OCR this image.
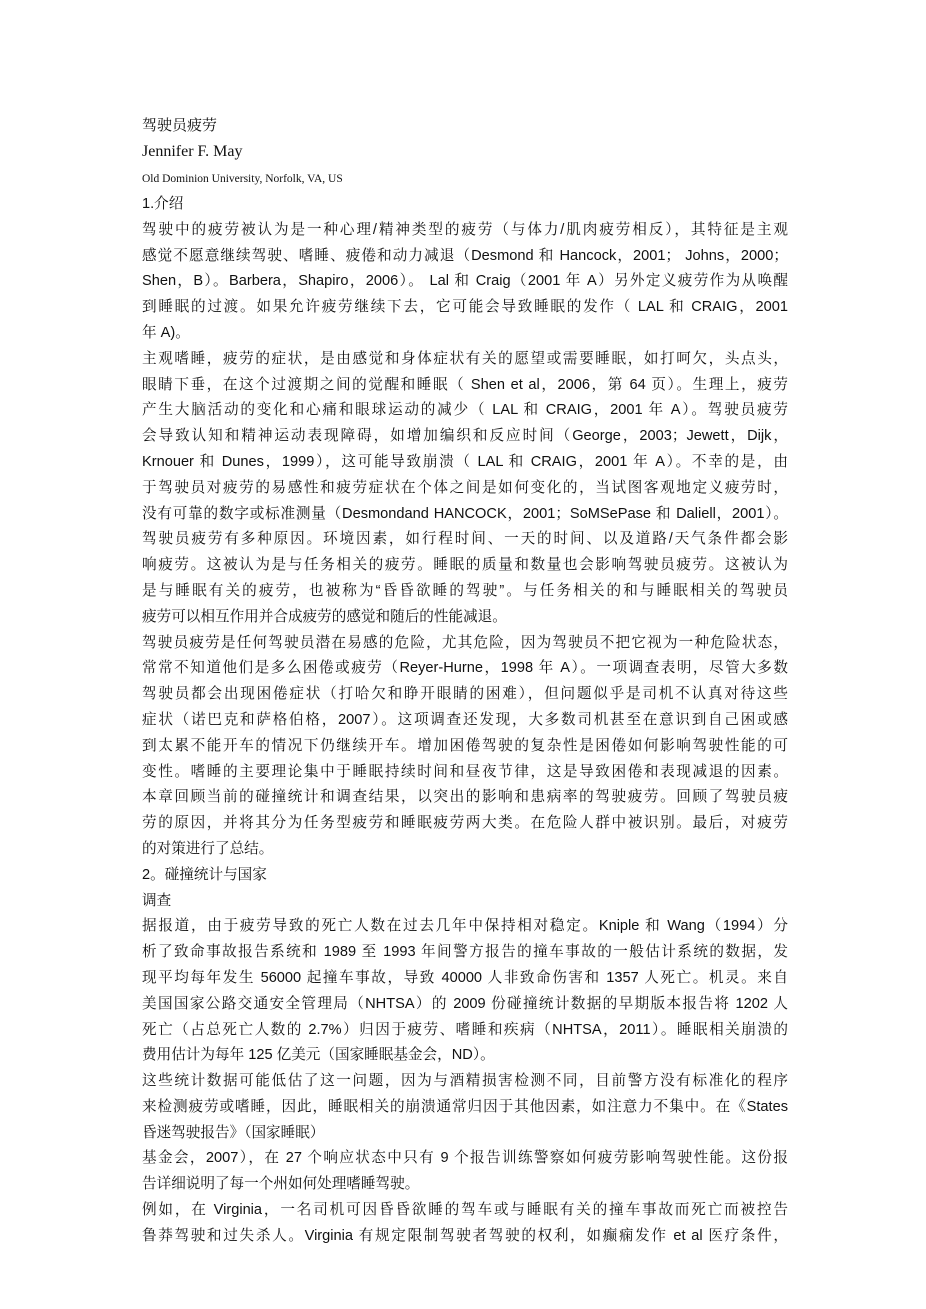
驾驶员疲劳
Jennifer F. May
Old Dominion University, Norfolk, VA, US
1.介绍
驾驶中的疲劳被认为是一种心理/精神类型的疲劳（与体力/肌肉疲劳相反），其特征是主观
感觉不愿意继续驾驶、嗜睡、疲倦和动力减退（Desmond 和 Hancock，2001； Johns，2000；
Shen，B）。Barbera，Shapiro，2006）。 Lal 和 Craig（2001 年 A）另外定义疲劳作为从唤醒
到睡眠的过渡。如果允许疲劳继续下去，它可能会导致睡眠的发作（ LAL 和 CRAIG，2001
年 A)。
主观嗜睡，疲劳的症状，是由感觉和身体症状有关的愿望或需要睡眠，如打呵欠，头点头，
眼睛下垂，在这个过渡期之间的觉醒和睡眠（ Shen et al，2006，第 64 页）。生理上，疲劳
产生大脑活动的变化和心痛和眼球运动的减少（ LAL 和 CRAIG，2001 年 A）。驾驶员疲劳
会导致认知和精神运动表现障碍，如增加编织和反应时间（George，2003；Jewett，Dijk，
Krnouer 和 Dunes，1999），这可能导致崩溃（ LAL 和 CRAIG，2001 年 A）。不幸的是，由
于驾驶员对疲劳的易感性和疲劳症状在个体之间是如何变化的，当试图客观地定义疲劳时，
没有可靠的数字或标准测量（Desmondand HANCOCK，2001；SoMSePase 和 Daliell，2001）。
驾驶员疲劳有多种原因。环境因素，如行程时间、一天的时间、以及道路/天气条件都会影
响疲劳。这被认为是与任务相关的疲劳。睡眠的质量和数量也会影响驾驶员疲劳。这被认为
是与睡眠有关的疲劳，也被称为“昏昏欲睡的驾驶”。与任务相关的和与睡眠相关的驾驶员
疲劳可以相互作用并合成疲劳的感觉和随后的性能减退。
驾驶员疲劳是任何驾驶员潜在易感的危险，尤其危险，因为驾驶员不把它视为一种危险状态，
常常不知道他们是多么困倦或疲劳（Reyer-Hurne，1998 年 A）。一项调查表明，尽管大多数
驾驶员都会出现困倦症状（打哈欠和睁开眼睛的困难），但问题似乎是司机不认真对待这些
症状（诺巴克和萨格伯格，2007）。这项调查还发现，大多数司机甚至在意识到自己困或感
到太累不能开车的情况下仍继续开车。增加困倦驾驶的复杂性是困倦如何影响驾驶性能的可
变性。嗜睡的主要理论集中于睡眠持续时间和昼夜节律，这是导致困倦和表现减退的因素。
本章回顾当前的碰撞统计和调查结果，以突出的影响和患病率的驾驶疲劳。回顾了驾驶员疲
劳的原因，并将其分为任务型疲劳和睡眠疲劳两大类。在危险人群中被识别。最后，对疲劳
的对策进行了总结。
2。碰撞统计与国家
调查
据报道，由于疲劳导致的死亡人数在过去几年中保持相对稳定。Kniple 和 Wang（1994）分
析了致命事故报告系统和 1989 至 1993 年间警方报告的撞车事故的一般估计系统的数据，发
现平均每年发生 56000 起撞车事故，导致 40000 人非致命伤害和 1357 人死亡。机灵。来自
美国国家公路交通安全管理局（NHTSA）的 2009 份碰撞统计数据的早期版本报告将 1202 人
死亡（占总死亡人数的 2.7%）归因于疲劳、嗜睡和疾病（NHTSA，2011）。睡眠相关崩溃的
费用估计为每年 125 亿美元（国家睡眠基金会，ND）。
这些统计数据可能低估了这一问题，因为与酒精损害检测不同，目前警方没有标准化的程序
来检测疲劳或嗜睡，因此，睡眠相关的崩溃通常归因于其他因素，如注意力不集中。在《States
昏迷驾驶报告》（国家睡眠）
基金会，2007），在 27 个响应状态中只有 9 个报告训练警察如何疲劳影响驾驶性能。这份报
告详细说明了每一个州如何处理嗜睡驾驶。
例如，在 Virginia，一名司机可因昏昏欲睡的驾车或与睡眠有关的撞车事故而死亡而被控告
鲁莽驾驶和过失杀人。Virginia 有规定限制驾驶者驾驶的权利，如癫痫发作 et al 医疗条件，
